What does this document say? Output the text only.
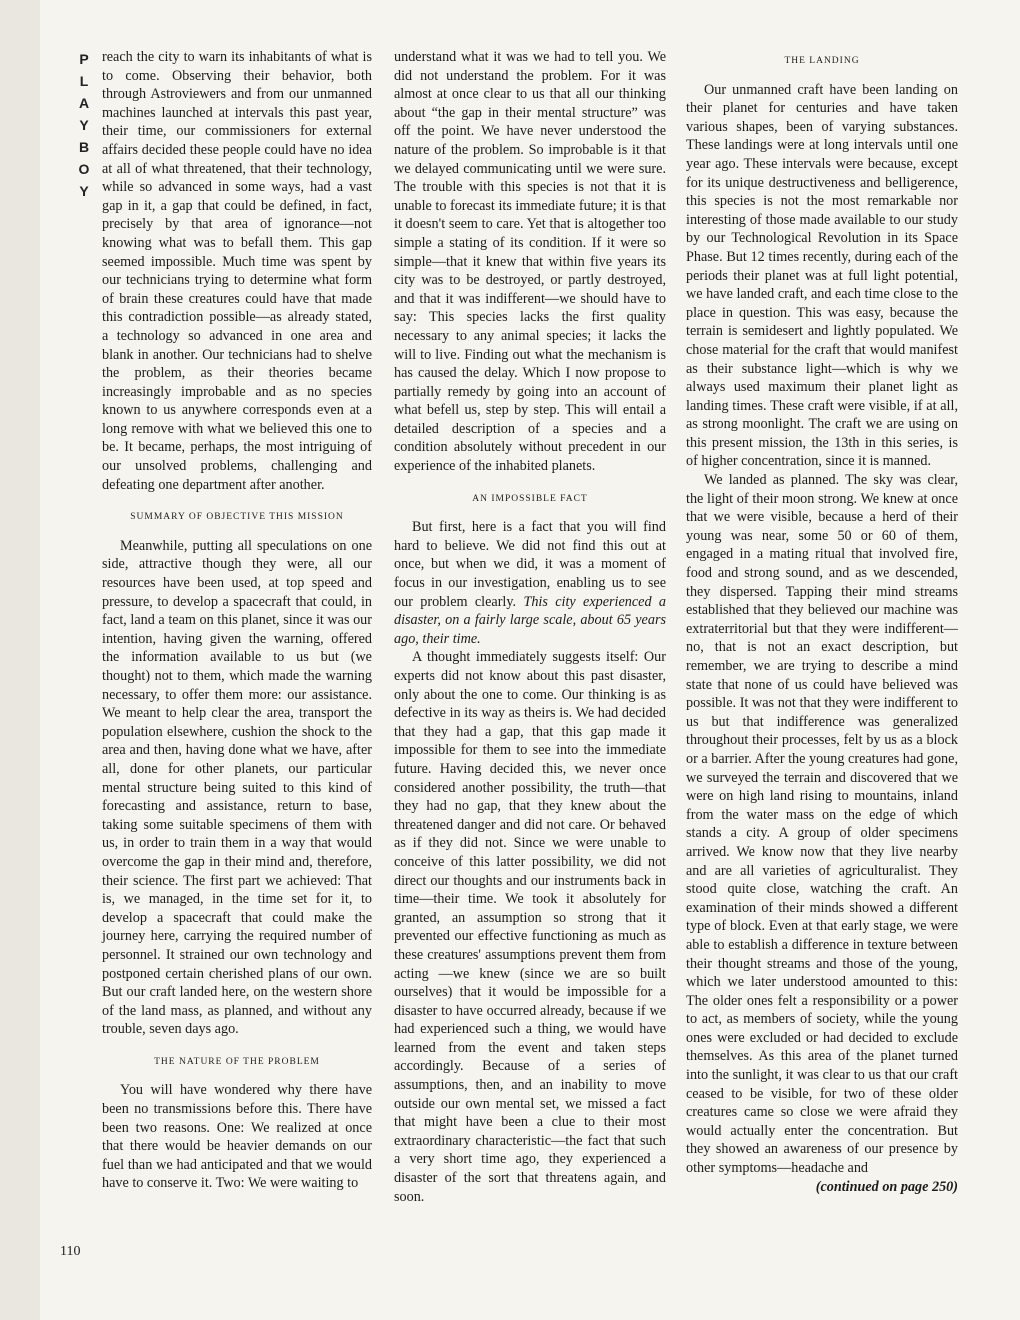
P
L
A
Y
B
O
Y
110

reach the city to warn its inhabitants of what is to come. Observing their behavior, both through Astroviewers and from our unmanned machines launched at intervals this past year, their time, our commissioners for external affairs decided these people could have no idea at all of what threatened, that their technology, while so advanced in some ways, had a vast gap in it, a gap that could be defined, in fact, precisely by that area of ignorance—not knowing what was to befall them. This gap seemed impossible. Much time was spent by our technicians trying to determine what form of brain these creatures could have that made this contradiction possible—as already stated, a technology so advanced in one area and blank in another. Our technicians had to shelve the problem, as their theories became increasingly improbable and as no species known to us anywhere corresponds even at a long remove with what we believed this one to be. It became, perhaps, the most intriguing of our unsolved problems, challenging and defeating one department after another.

SUMMARY OF OBJECTIVE THIS MISSION

Meanwhile, putting all speculations on one side, attractive though they were, all our resources have been used, at top speed and pressure, to develop a spacecraft that could, in fact, land a team on this planet, since it was our intention, having given the warning, offered the information available to us but (we thought) not to them, which made the warning necessary, to offer them more: our assistance. We meant to help clear the area, transport the population elsewhere, cushion the shock to the area and then, having done what we have, after all, done for other planets, our particular mental structure being suited to this kind of forecasting and assistance, return to base, taking some suitable specimens of them with us, in order to train them in a way that would overcome the gap in their mind and, therefore, their science. The first part we achieved: That is, we managed, in the time set for it, to develop a spacecraft that could make the journey here, carrying the required number of personnel. It strained our own technology and postponed certain cherished plans of our own. But our craft landed here, on the western shore of the land mass, as planned, and without any trouble, seven days ago.

THE NATURE OF THE PROBLEM

You will have wondered why there have been no transmissions before this. There have been two reasons. One: We realized at once that there would be heavier demands on our fuel than we had anticipated and that we would have to conserve it. Two: We were waiting to

understand what it was we had to tell you. We did not understand the problem. For it was almost at once clear to us that all our thinking about “the gap in their mental structure” was off the point. We have never understood the nature of the problem. So improbable is it that we delayed communicating until we were sure. The trouble with this species is not that it is unable to forecast its immediate future; it is that it doesn't seem to care. Yet that is altogether too simple a stating of its condition. If it were so simple—that it knew that within five years its city was to be destroyed, or partly destroyed, and that it was indifferent—we should have to say: This species lacks the first quality necessary to any animal species; it lacks the will to live. Finding out what the mechanism is has caused the delay. Which I now propose to partially remedy by going into an account of what befell us, step by step. This will entail a detailed description of a species and a condition absolutely without precedent in our experience of the inhabited planets.

AN IMPOSSIBLE FACT

But first, here is a fact that you will find hard to believe. We did not find this out at once, but when we did, it was a moment of focus in our investigation, enabling us to see our problem clearly. This city experienced a disaster, on a fairly large scale, about 65 years ago, their time.

A thought immediately suggests itself: Our experts did not know about this past disaster, only about the one to come. Our thinking is as defective in its way as theirs is. We had decided that they had a gap, that this gap made it impossible for them to see into the immediate future. Having decided this, we never once considered another possibility, the truth—that they had no gap, that they knew about the threatened danger and did not care. Or behaved as if they did not. Since we were unable to conceive of this latter possibility, we did not direct our thoughts and our instruments back in time—their time. We took it absolutely for granted, an assumption so strong that it prevented our effective functioning as much as these creatures' assumptions prevent them from acting —we knew (since we are so built ourselves) that it would be impossible for a disaster to have occurred already, because if we had experienced such a thing, we would have learned from the event and taken steps accordingly. Because of a series of assumptions, then, and an inability to move outside our own mental set, we missed a fact that might have been a clue to their most extraordinary characteristic—the fact that such a very short time ago, they experienced a disaster of the sort that threatens again, and soon.

THE LANDING

Our unmanned craft have been landing on their planet for centuries and have taken various shapes, been of varying substances. These landings were at long intervals until one year ago. These intervals were because, except for its unique destructiveness and belligerence, this species is not the most remarkable nor interesting of those made available to our study by our Technological Revolution in its Space Phase. But 12 times recently, during each of the periods their planet was at full light potential, we have landed craft, and each time close to the place in question. This was easy, because the terrain is semidesert and lightly populated. We chose material for the craft that would manifest as their substance light—which is why we always used maximum their planet light as landing times. These craft were visible, if at all, as strong moonlight. The craft we are using on this present mission, the 13th in this series, is of higher concentration, since it is manned.

We landed as planned. The sky was clear, the light of their moon strong. We knew at once that we were visible, because a herd of their young was near, some 50 or 60 of them, engaged in a mating ritual that involved fire, food and strong sound, and as we descended, they dispersed. Tapping their mind streams established that they believed our machine was extraterritorial but that they were indifferent—no, that is not an exact description, but remember, we are trying to describe a mind state that none of us could have believed was possible. It was not that they were indifferent to us but that indifference was generalized throughout their processes, felt by us as a block or a barrier. After the young creatures had gone, we surveyed the terrain and discovered that we were on high land rising to mountains, inland from the water mass on the edge of which stands a city. A group of older specimens arrived. We know now that they live nearby and are all varieties of agriculturalist. They stood quite close, watching the craft. An examination of their minds showed a different type of block. Even at that early stage, we were able to establish a difference in texture between their thought streams and those of the young, which we later understood amounted to this: The older ones felt a responsibility or a power to act, as members of society, while the young ones were excluded or had decided to exclude themselves. As this area of the planet turned into the sunlight, it was clear to us that our craft ceased to be visible, for two of these older creatures came so close we were afraid they would actually enter the concentration. But they showed an awareness of our presence by other symptoms—headache and

(continued on page 250)
